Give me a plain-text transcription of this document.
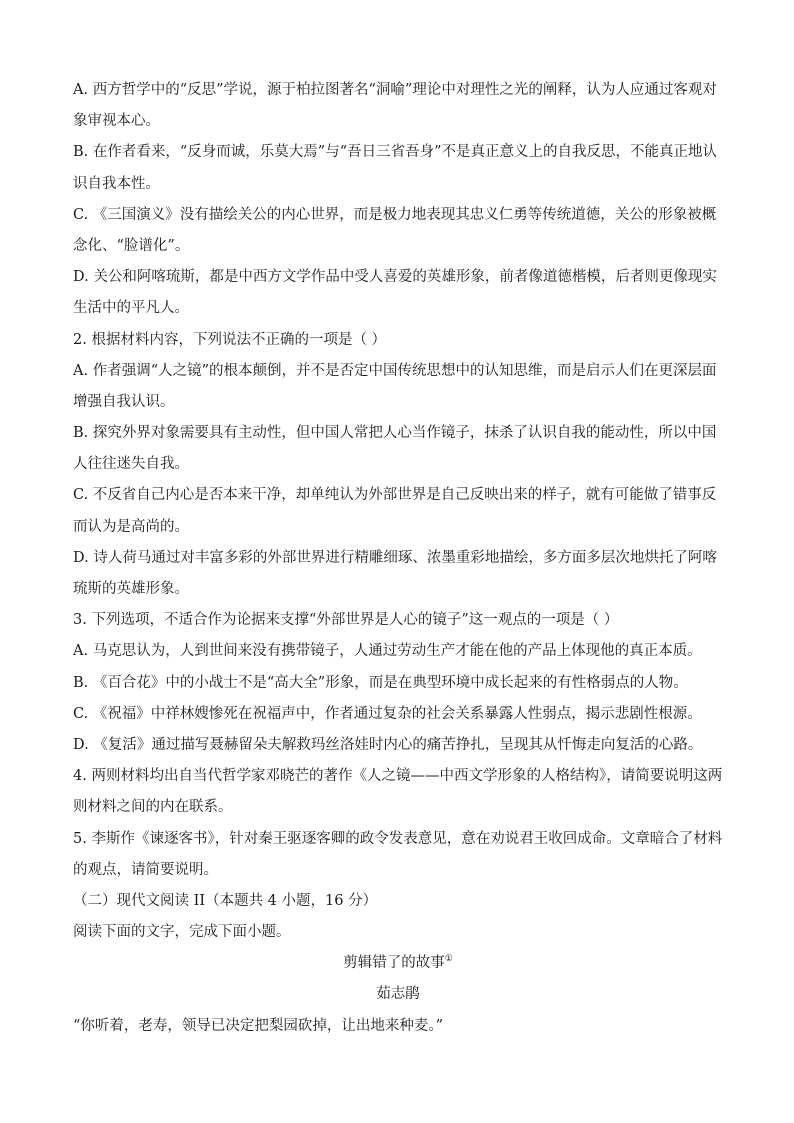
A. 西方哲学中的“反思”学说，源于柏拉图著名“洞喻”理论中对理性之光的阐释，认为人应通过客观对
象审视本心。
B. 在作者看来，“反身而诚，乐莫大焉”与“吾日三省吾身”不是真正意义上的自我反思，不能真正地认
识自我本性。
C. 《三国演义》没有描绘关公的内心世界，而是极力地表现其忠义仁勇等传统道德，关公的形象被概
念化、“脸谱化”。
D. 关公和阿喀琉斯，都是中西方文学作品中受人喜爱的英雄形象，前者像道德楷模，后者则更像现实
生活中的平凡人。
2. 根据材料内容，下列说法不正确的一项是（ ）
A. 作者强调“人之镜”的根本颠倒，并不是否定中国传统思想中的认知思维，而是启示人们在更深层面
增强自我认识。
B. 探究外界对象需要具有主动性，但中国人常把人心当作镜子，抹杀了认识自我的能动性，所以中国
人往往迷失自我。
C. 不反省自己内心是否本来干净，却单纯认为外部世界是自己反映出来的样子，就有可能做了错事反
而认为是高尚的。
D. 诗人荷马通过对丰富多彩的外部世界进行精雕细琢、浓墨重彩地描绘，多方面多层次地烘托了阿喀
琉斯的英雄形象。
3. 下列选项，不适合作为论据来支撑“外部世界是人心的镜子”这一观点的一项是（ ）
A. 马克思认为，人到世间来没有携带镜子，人通过劳动生产才能在他的产品上体现他的真正本质。
B. 《百合花》中的小战士不是“高大全”形象，而是在典型环境中成长起来的有性格弱点的人物。
C. 《祝福》中祥林嫂惨死在祝福声中，作者通过复杂的社会关系暴露人性弱点，揭示悲剧性根源。
D. 《复活》通过描写聂赫留朵夫解救玛丝洛娃时内心的痛苦挣扎，呈现其从忏悔走向复活的心路。
4. 两则材料均出自当代哲学家邓晓芒的著作《人之镜——中西文学形象的人格结构》，请简要说明这两
则材料之间的内在联系。
5. 李斯作《谏逐客书》，针对秦王驱逐客卿的政令发表意见，意在劝说君王收回成命。文章暗合了材料
的观点，请简要说明。
（二）现代文阅读 II（本题共 4 小题，16 分）
阅读下面的文字，完成下面小题。
剪辑错了的故事①
茹志鹃
“你听着，老寿，领导已决定把梨园砍掉，让出地来种麦。”
